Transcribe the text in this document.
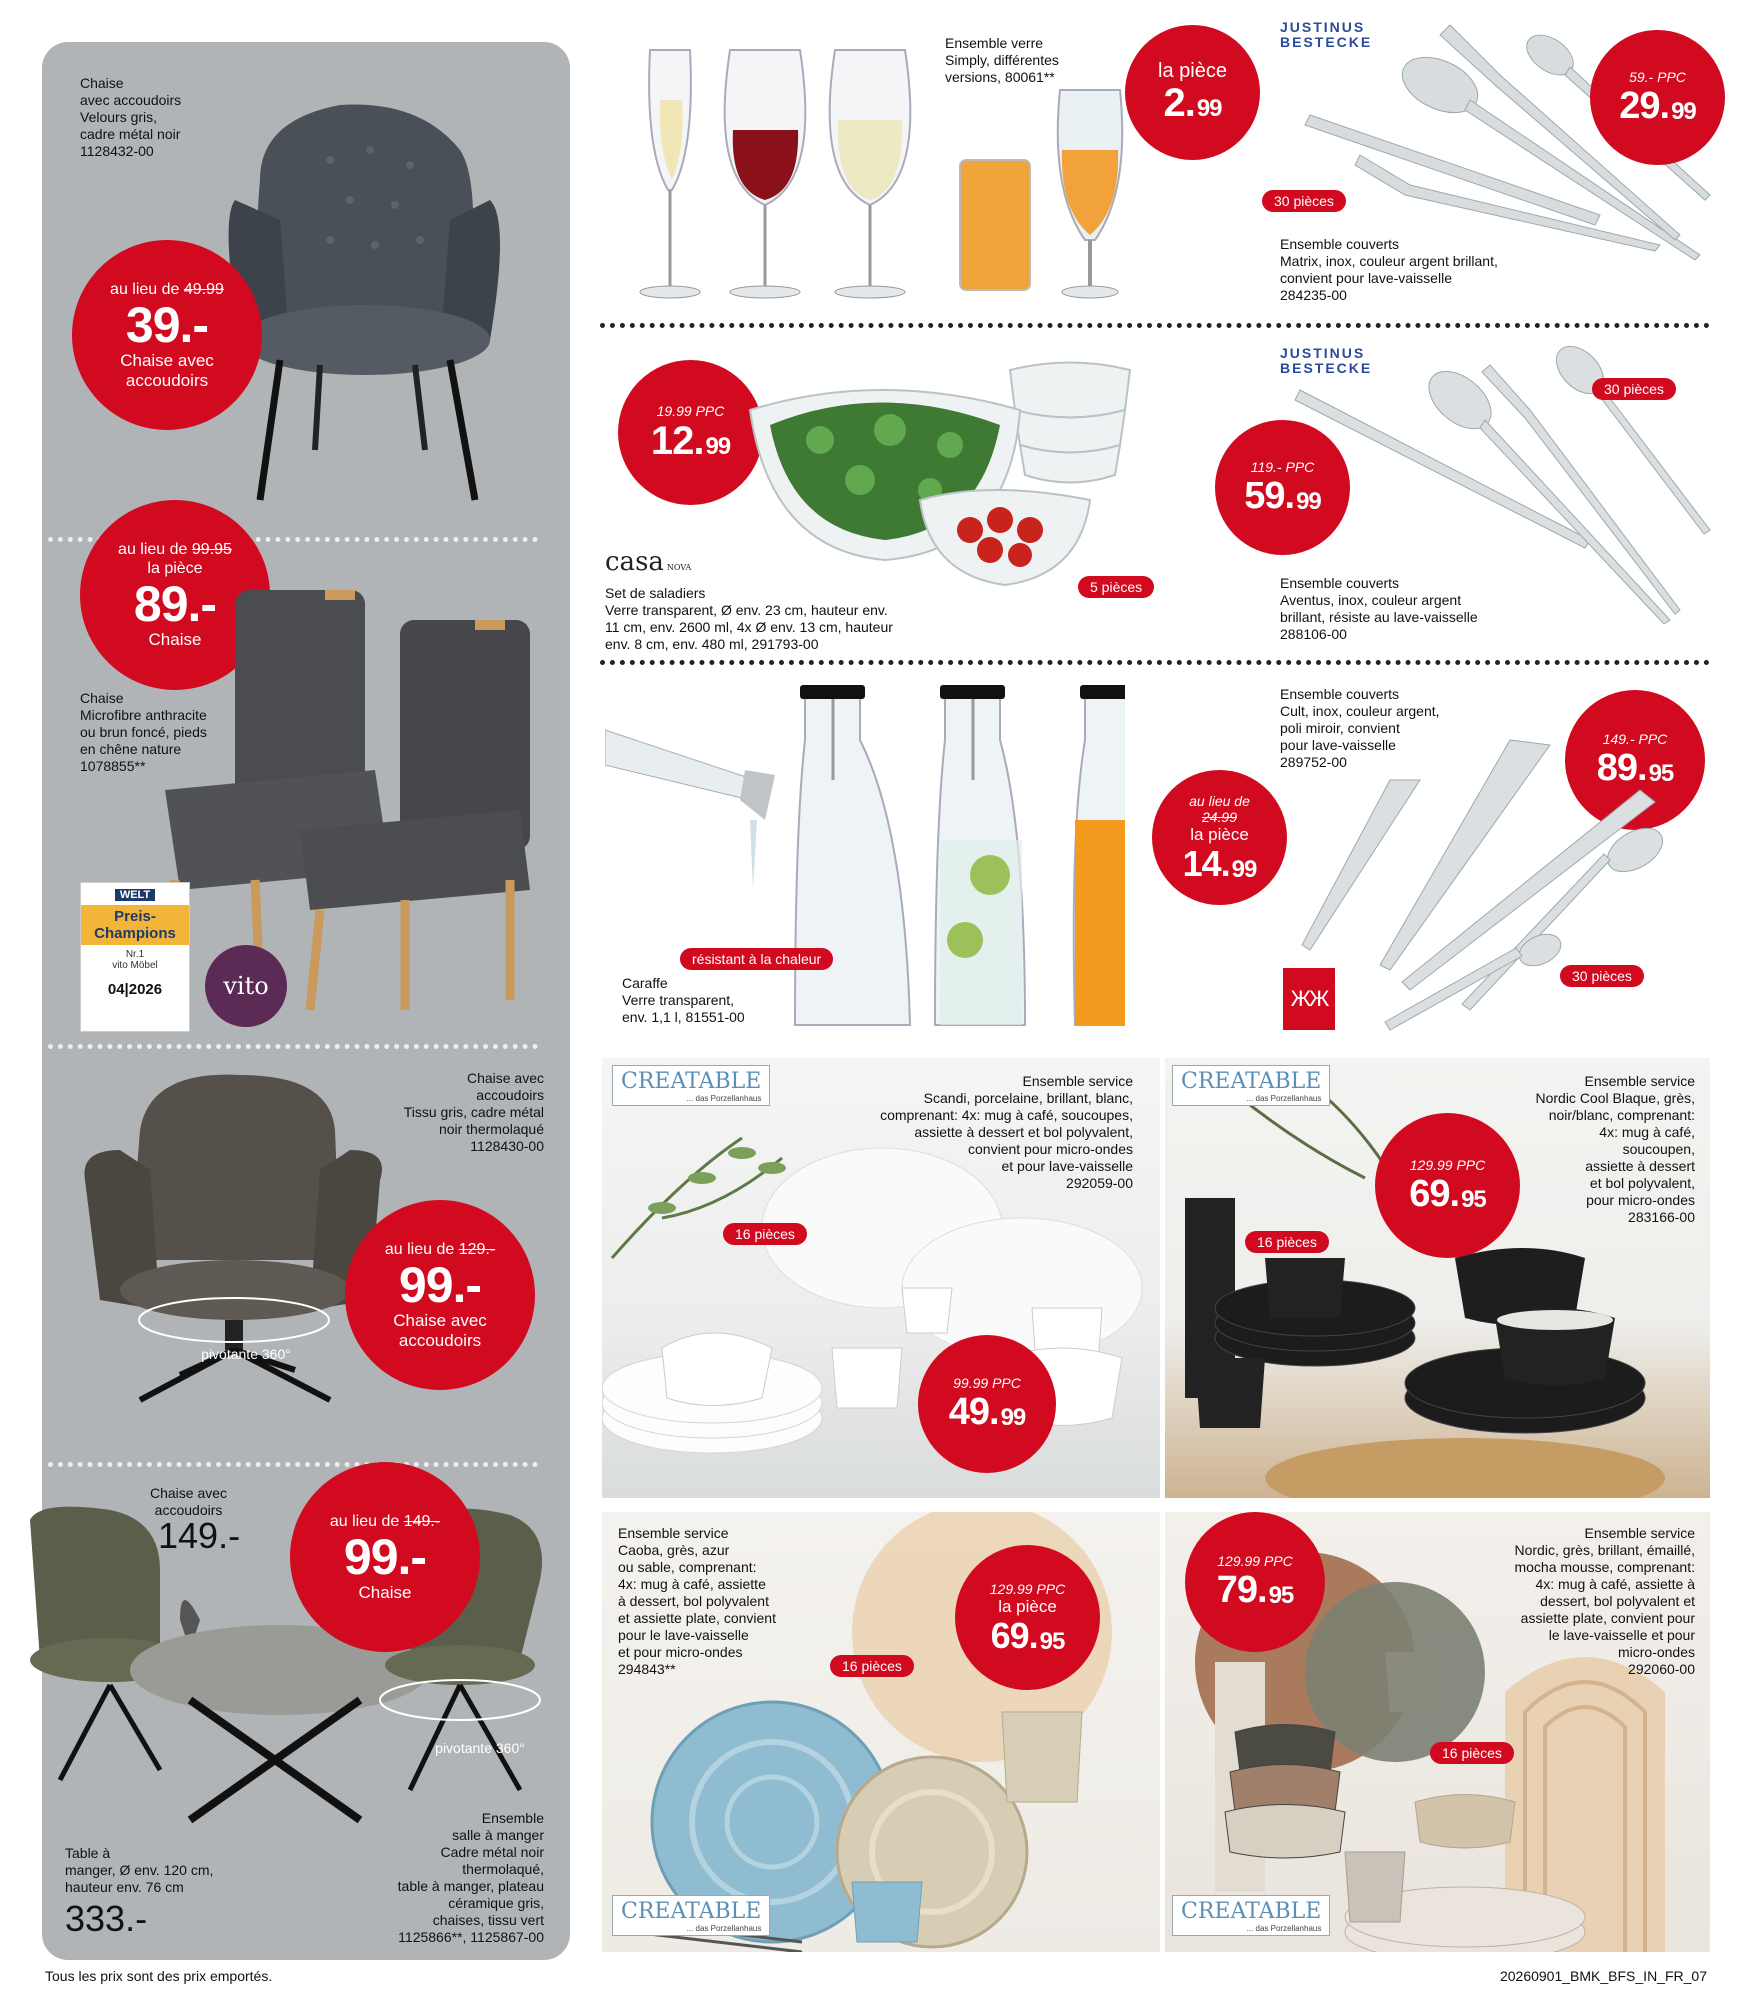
Chaise
avec accoudoirs
Velours gris,
cadre métal noir
1128432-00
au lieu de 49.99
39.-
Chaise avec accoudoirs
au lieu de 99.95
la pièce
89.-
Chaise
Chaise
Microfibre anthracite
ou brun foncé, pieds
en chêne nature
1078855**
WELT
Preis-Champions
Nr.1
vito Möbel
04|2026	vito
Chaise avec
accoudoirs
Tissu gris, cadre métal
noir thermolaqué
1128430-00
pivotante 360°
au lieu de 129.-
99.-
Chaise avec accoudoirs
Chaise avec
accoudoirs
149.-	au lieu de 149.-
99.-
Chaise
pivotante 360°
Table à
manger, Ø env. 120 cm,
hauteur env. 76 cm
333.-
Ensemble
salle à manger
Cadre métal noir
thermolaqué,
table à manger, plateau
céramique gris,
chaises, tissu vert
1125866**, 1125867-00
Ensemble verre
Simply, différentes
versions, 80061**	la pièce
2.99
JUSTINUS
BESTECKE
59.- PPC
29.99
30 pièces
Ensemble couverts
Matrix, inox, couleur argent brillant,
convient pour lave-vaisselle
284235-00
19.99 PPC
12.99
casa NOVA
5 pièces
Set de saladiers
Verre transparent, Ø env. 23 cm, hauteur env.
11 cm, env. 2600 ml, 4x Ø env. 13 cm, hauteur
env. 8 cm, env. 480 ml, 291793-00
JUSTINUS
BESTECKE
30 pièces
119.- PPC
59.99
Ensemble couverts
Aventus, inox, couleur argent
brillant, résiste au lave-vaisselle
288106-00
au lieu de
24.99
la pièce
14.99
résistant à la chaleur
Caraffe
Verre transparent,
env. 1,1 l, 81551-00
Ensemble couverts
Cult, inox, couleur argent,
poli miroir, convient
pour lave-vaisselle
289752-00
149.- PPC
89.95
ЖЖ
30 pièces
CREATABLE
... das Porzellanhaus
Ensemble service
Scandi, porcelaine, brillant, blanc,
comprenant: 4x: mug à café, soucoupes,
assiette à dessert et bol polyvalent,
convient pour micro-ondes
et pour lave-vaisselle
292059-00
16 pièces
99.99 PPC
49.99
CREATABLE
... das Porzellanhaus
Ensemble service
Nordic Cool Blaque, grès,
noir/blanc, comprenant:
4x: mug à café,
soucoupen,
assiette à dessert
et bol polyvalent,
pour micro-ondes
283166-00
129.99 PPC
69.95
16 pièces
Ensemble service
Caoba, grès, azur
ou sable, comprenant:
4x: mug à café, assiette
à dessert, bol polyvalent
et assiette plate, convient
pour le lave-vaisselle
et pour micro-ondes
294843**
129.99 PPC
la pièce
69.95
16 pièces
CREATABLE
... das Porzellanhaus
129.99 PPC
79.95
Ensemble service
Nordic, grès, brillant, émaillé,
mocha mousse, comprenant:
4x: mug à café, assiette à
dessert, bol polyvalent et
assiette plate, convient pour
le lave-vaisselle et pour
micro-ondes
292060-00
16 pièces
CREATABLE
... das Porzellanhaus
Tous les prix sont des prix emportés.	20260901_BMK_BFS_IN_FR_07
